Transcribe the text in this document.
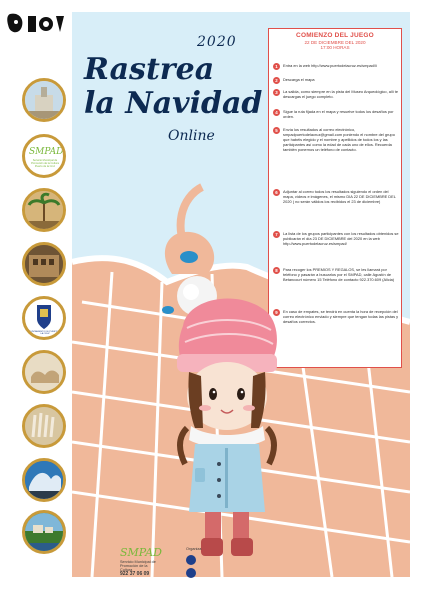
SMPAD
Servicio Municipal de Promoción de la Cultura Puerto de la Cruz
AYUNTAMIENTO DE PUERTO DE LA CRUZ
2020
Rastrea
la Navidad
Online
COMIENZO DEL JUEGO
22 DE DICIEMBRE DEL 2020
17:00 HORAS
1	Entra en la web http://www.puertodelacruz.es/smpad/li
2	Descarga el mapa
3	La salida, como siempre en la pista del Museo Arqueológico, allí te descargas el juego completo.
4	Sigue la ruta fijada en el mapa y resuelve todos los desafíos por orden.
5	Envía los resultados al correo electrónico, smpadpuertodelacruz@gmail.com poniendo el nombre del grupo que habéis elegido y el nombre y apellidos de todos los y las participantes así como la edad de cada uno de ellos. Recuerda también ponernos un teléfono de contacto.
6	Adjuntar al correo todos los resultados siguiendo el orden del mapa, vídeos e imágenes, el mismo DIA 22 DE DICIEMBRE DEL 2020 ( no serán válidos los recibidos el 23 de diciembre)
7	La lista de los grupos participantes con los resultados obtenidos se publicarán el día 23 DE DICIEMBRE del 2020 en la web http://www.puertodelacruz.es/smpad/
8	Para recoger los PREMIOS Y REGALOS, se les llamará por teléfono y pasarán a buscarlos por el SMPAD, calle Agustín de Betancourt número 15 Teléfono de contacto 922.370.609 (Alicia)
9	En caso de empates, se tendrá en cuenta la hora de recepción del correo electrónico enviado y siempre que tengan todas las pistas y desafíos correctos.
SMPAD
Servicio Municipal de Promoción de la Cultura
922 37 06 09
Organiza
